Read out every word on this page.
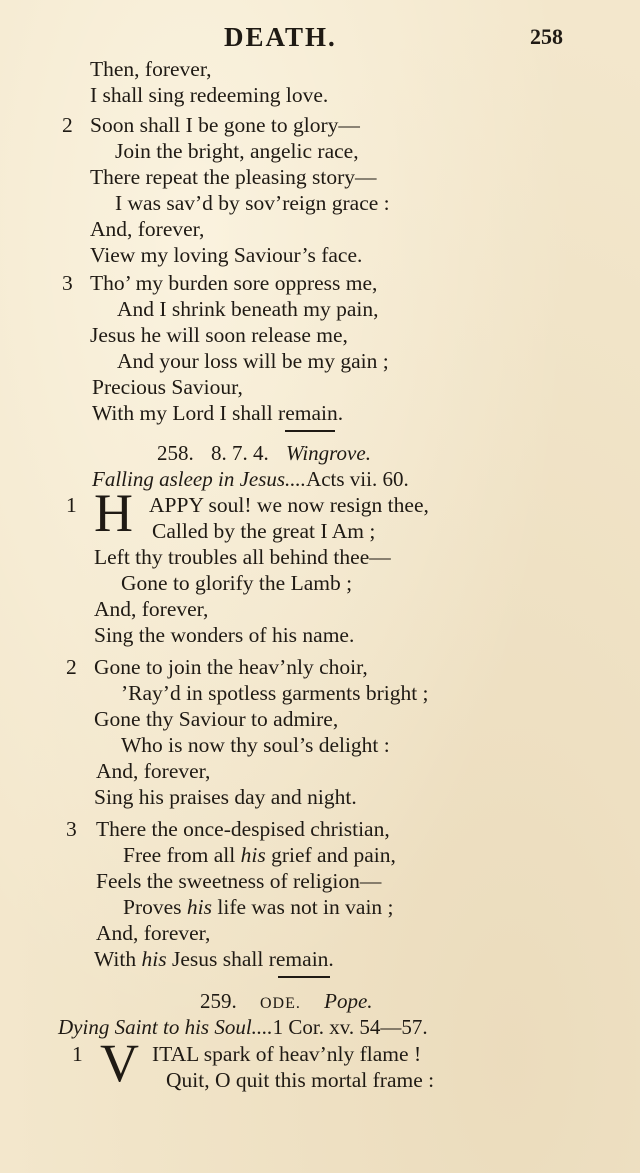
DEATH.	258
Then, forever,
I shall sing redeeming love.
2 Soon shall I be gone to glory—
Join the bright, angelic race,
There repeat the pleasing story—
I was sav’d by sov’reign grace :
And, forever,
View my loving Saviour’s face.
3 Tho’ my burden sore oppress me,
And I shrink beneath my pain,
Jesus he will soon release me,
And your loss will be my gain ;
Precious Saviour,
With my Lord I shall remain.
258. 8. 7. 4. Wingrove.
Falling asleep in Jesus....Acts vii. 60.
1 H APPY soul! we now resign thee,
Called by the great I Am ;
Left thy troubles all behind thee—
Gone to glorify the Lamb ;
And, forever,
Sing the wonders of his name.
2 Gone to join the heav’nly choir,
’Ray’d in spotless garments bright ;
Gone thy Saviour to admire,
Who is now thy soul’s delight :
And, forever,
Sing his praises day and night.
3 There the once-despised christian,
Free from all his grief and pain,
Feels the sweetness of religion—
Proves his life was not in vain ;
And, forever,
With his Jesus shall remain.
259. ODE. Pope.
Dying Saint to his Soul....1 Cor. xv. 54—57.
1 V ITAL spark of heav’nly flame !
Quit, O quit this mortal frame :
